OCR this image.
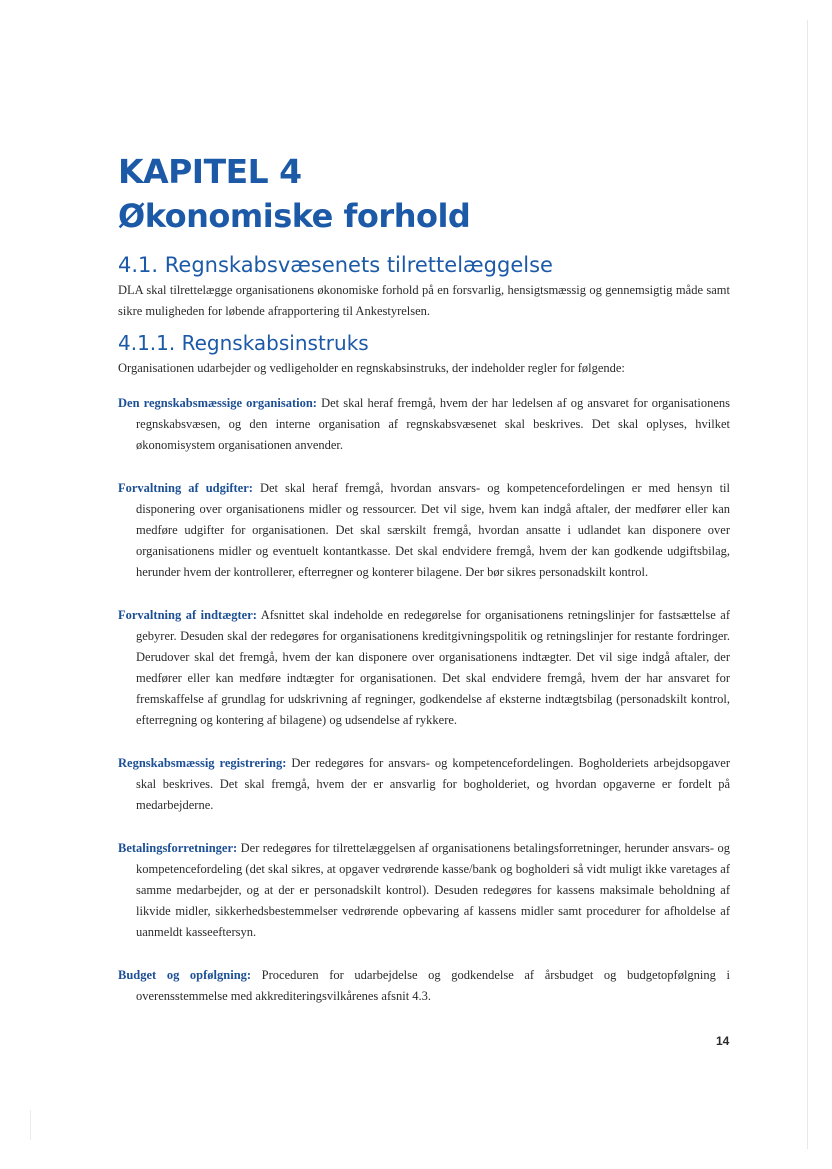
KAPITEL 4
Økonomiske forhold
4.1. Regnskabsvæsenets tilrettelæggelse

DLA skal tilrettelægge organisationens økonomiske forhold på en forsvarlig, hensigtsmæssig og gennemsigtig måde samt sikre muligheden for løbende afrapportering til Ankestyrelsen.

4.1.1. Regnskabsinstruks

Organisationen udarbejder og vedligeholder en regnskabsinstruks, der indeholder regler for følgende:

Den regnskabsmæssige organisation: Det skal heraf fremgå, hvem der har ledelsen af og ansvaret for organisationens regnskabsvæsen, og den interne organisation af regnskabsvæsenet skal beskrives. Det skal oplyses, hvilket økonomisystem organisationen anvender.

Forvaltning af udgifter: Det skal heraf fremgå, hvordan ansvars- og kompetencefordelingen er med hensyn til disponering over organisationens midler og ressourcer. Det vil sige, hvem kan indgå aftaler, der medfører eller kan medføre udgifter for organisationen. Det skal særskilt fremgå, hvordan ansatte i udlandet kan disponere over organisationens midler og eventuelt kontantkasse. Det skal endvidere fremgå, hvem der kan godkende udgiftsbilag, herunder hvem der kontrollerer, efterregner og konterer bilagene. Der bør sikres personadskilt kontrol.

Forvaltning af indtægter: Afsnittet skal indeholde en redegørelse for organisationens retningslinjer for fastsættelse af gebyrer. Desuden skal der redegøres for organisationens kreditgivningspolitik og retningslinjer for restante fordringer. Derudover skal det fremgå, hvem der kan disponere over organisationens indtægter. Det vil sige indgå aftaler, der medfører eller kan medføre indtægter for organisationen. Det skal endvidere fremgå, hvem der har ansvaret for fremskaffelse af grundlag for udskrivning af regninger, godkendelse af eksterne indtægtsbilag (personadskilt kontrol, efterregning og kontering af bilagene) og udsendelse af rykkere.

Regnskabsmæssig registrering: Der redegøres for ansvars- og kompetencefordelingen. Bogholderiets arbejdsopgaver skal beskrives. Det skal fremgå, hvem der er ansvarlig for bogholderiet, og hvordan opgaverne er fordelt på medarbejderne.

Betalingsforretninger: Der redegøres for tilrettelæggelsen af organisationens betalingsforretninger, herunder ansvars- og kompetencefordeling (det skal sikres, at opgaver vedrørende kasse/bank og bogholderi så vidt muligt ikke varetages af samme medarbejder, og at der er personadskilt kontrol). Desuden redegøres for kassens maksimale beholdning af likvide midler, sikkerhedsbestemmelser vedrørende opbevaring af kassens midler samt procedurer for afholdelse af uanmeldt kasseeftersyn.

Budget og opfølgning: Proceduren for udarbejdelse og godkendelse af årsbudget og budgetopfølgning i overensstemmelse med akkrediteringsvilkårenes afsnit 4.3.

14
